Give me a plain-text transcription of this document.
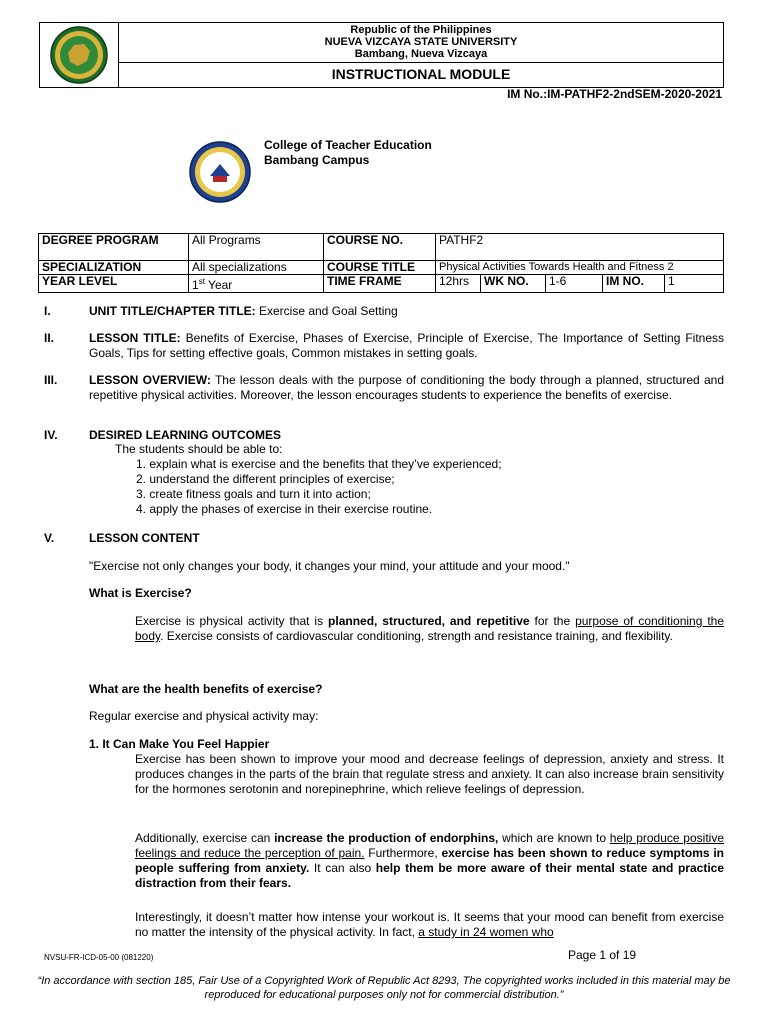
Republic of the Philippines
NUEVA VIZCAYA STATE UNIVERSITY
Bambang, Nueva Vizcaya
INSTRUCTIONAL MODULE
IM No.:IM-PATHF2-2ndSEM-2020-2021
College of Teacher Education
Bambang Campus
DEGREE PROGRAM	All Programs	COURSE NO.	PATHF2				
SPECIALIZATION	All specializations	COURSE TITLE	Physical Activities Towards Health and Fitness 2				
YEAR LEVEL	1st Year	TIME FRAME	12hrs	WK NO.	1-6	IM NO.	1
I.	UNIT TITLE/CHAPTER TITLE: Exercise and Goal Setting
II.	LESSON TITLE: Benefits of Exercise, Phases of Exercise, Principle of Exercise, The Importance of Setting Fitness Goals, Tips for setting effective goals, Common mistakes in setting goals.
III.	LESSON OVERVIEW: The lesson deals with the purpose of conditioning the body through a planned, structured and repetitive physical activities. Moreover, the lesson encourages students to experience the benefits of exercise.
IV.	DESIRED LEARNING OUTCOMES
The students should be able to:
1. explain what is exercise and the benefits that they’ve experienced;
2. understand the different principles of exercise;
3. create fitness goals and turn it into action;
4. apply the phases of exercise in their exercise routine.
V.	LESSON CONTENT
"Exercise not only changes your body, it changes your mind, your attitude and your mood."
What is Exercise?
Exercise is physical activity that is planned, structured, and repetitive for the purpose of conditioning the body. Exercise consists of cardiovascular conditioning, strength and resistance training, and flexibility.
What are the health benefits of exercise?
Regular exercise and physical activity may:
1. It Can Make You Feel Happier
Exercise has been shown to improve your mood and decrease feelings of depression, anxiety and stress. It produces changes in the parts of the brain that regulate stress and anxiety. It can also increase brain sensitivity for the hormones serotonin and norepinephrine, which relieve feelings of depression.
Additionally, exercise can increase the production of endorphins, which are known to help produce positive feelings and reduce the perception of pain. Furthermore, exercise has been shown to reduce symptoms in people suffering from anxiety. It can also help them be more aware of their mental state and practice distraction from their fears.
Interestingly, it doesn’t matter how intense your workout is. It seems that your mood can benefit from exercise no matter the intensity of the physical activity. In fact, a study in 24 women who
NVSU-FR-ICD-05-00 (081220)	Page 1 of 19
“In accordance with section 185, Fair Use of a Copyrighted Work of Republic Act 8293, The copyrighted works included in this material may be reproduced for educational purposes only not for commercial distribution.”
